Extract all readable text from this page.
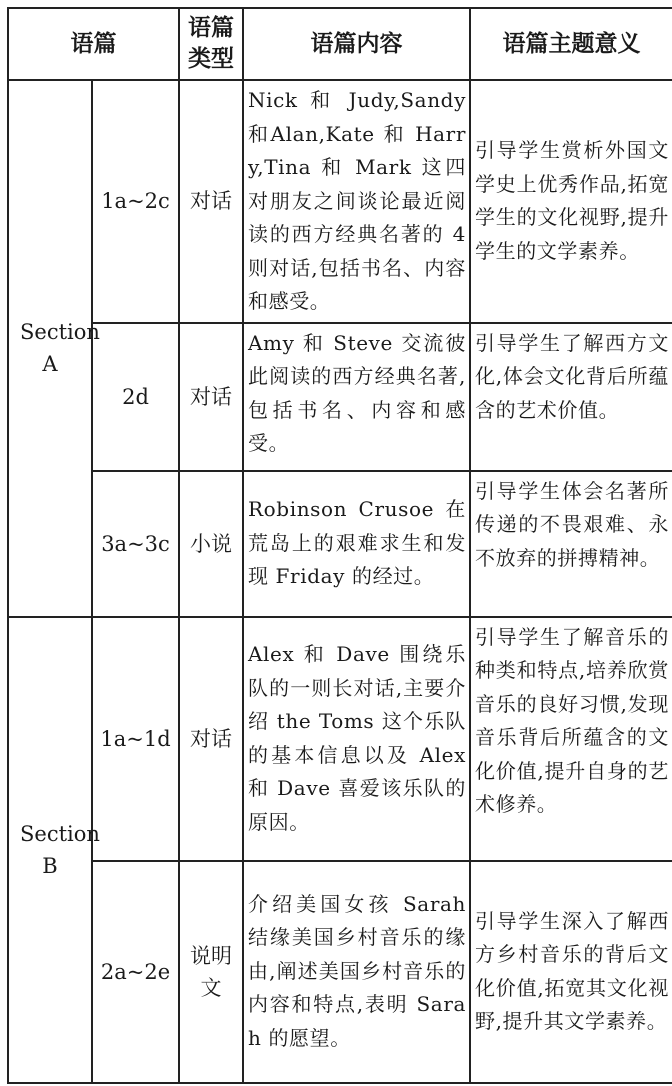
语篇		语篇类型	语篇内容	语篇主题意义

Section A	1a~2c	对话	Nick 和 Judy,Sandy和Alan,Kate 和 Harry,Tina 和 Mark 这四对朋友之间谈论最近阅读的西方经典名著的 4 则对话,包括书名、内容和感受。	引导学生赏析外国文学史上优秀作品,拓宽学生的文化视野,提升学生的文学素养。
	2d	对话	Amy 和 Steve 交流彼此阅读的西方经典名著,包括书名、内容和感受。	引导学生了解西方文化,体会文化背后所蕴含的艺术价值。
	3a~3c	小说	Robinson Crusoe 在荒岛上的艰难求生和发现 Friday 的经过。	引导学生体会名著所传递的不畏艰难、永不放弃的拼搏精神。

Section B	1a~1d	对话	Alex 和 Dave 围绕乐队的一则长对话,主要介绍 the Toms 这个乐队的基本信息以及 Alex 和 Dave 喜爱该乐队的原因。	引导学生了解音乐的种类和特点,培养欣赏音乐的良好习惯,发现音乐背后所蕴含的文化价值,提升自身的艺术修养。
	2a~2e	说明文	介绍美国女孩 Sarah 结缘美国乡村音乐的缘由,阐述美国乡村音乐的内容和特点,表明 Sarah 的愿望。	引导学生深入了解西方乡村音乐的背后文化价值,拓宽其文化视野,提升其文学素养。
